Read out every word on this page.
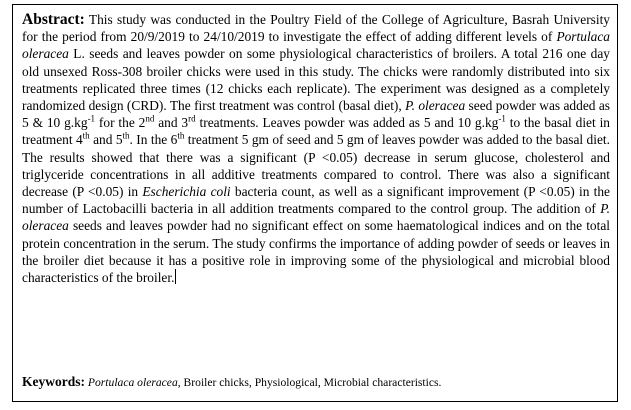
Abstract: This study was conducted in the Poultry Field of the College of Agriculture, Basrah University for the period from 20/9/2019 to 24/10/2019 to investigate the effect of adding different levels of Portulaca oleracea L. seeds and leaves powder on some physiological characteristics of broilers. A total 216 one day old unsexed Ross-308 broiler chicks were used in this study. The chicks were randomly distributed into six treatments replicated three times (12 chicks each replicate). The experiment was designed as a completely randomized design (CRD). The first treatment was control (basal diet), P. oleracea seed powder was added as 5 & 10 $g.kg^{-1}$ for the 2nd and 3rd treatments. Leaves powder was added as 5 and 10 $g.kg^{-1}$ to the basal diet in treatment 4th and 5th. In the 6th treatment 5 gm of seed and 5 gm of leaves powder was added to the basal diet. The results showed that there was a significant (P <0.05) decrease in serum glucose, cholesterol and triglyceride concentrations in all additive treatments compared to control. There was also a significant decrease (P <0.05) in Escherichia coli bacteria count, as well as a significant improvement (P <0.05) in the number of Lactobacilli bacteria in all addition treatments compared to the control group. The addition of P. oleracea seeds and leaves powder had no significant effect on some haematological indices and on the total protein concentration in the serum. The study confirms the importance of adding powder of seeds or leaves in the broiler diet because it has a positive role in improving some of the physiological and microbial blood characteristics of the broiler.

Keywords: Portulaca oleracea, Broiler chicks, Physiological, Microbial characteristics.
